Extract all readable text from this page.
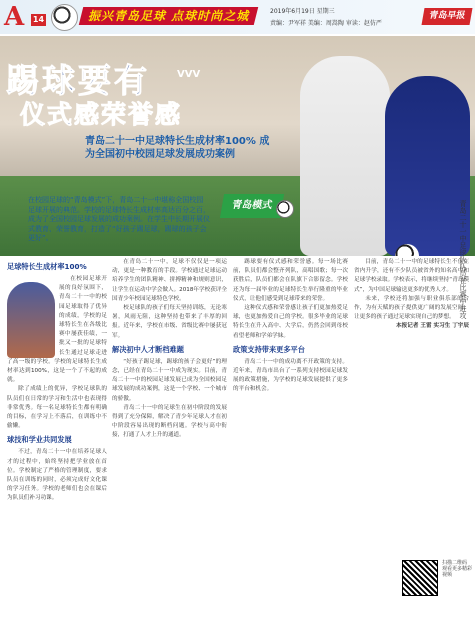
A 14	振兴青岛足球 点球时尚之城	2019年6月19日 星期三
责编：尹军祥 美编：周嵩陶 审读：赵仿严
青岛早报
踢球要有	VVV
仪式感荣誉感
青岛二十一中足球特长生成材率100% 成为全国初中校园足球发展成功案例
青岛二十一中足球队队员在比赛中进攻
在校园足球的“青岛模式”下，青岛二十一中堪称全国校园足球开展的典范。学校的足球特长生成材率高达百分之百，成为了全国校园足球发展的成功案例。在学生中长期开展仪式教育、荣誉教育，打造了“好孩子踢足球，踢球的孩子会更好”。
青岛模式
足球特长生成材率100%

在校园足球开展的良好氛围下，青岛二十一中的校园足球取得了优异的成绩，学校的足球特长生在各级比赛中屡获佳绩，一批又一批的足球特长生通过足球走进了高一级的学校。学校的足球特长生成材率达到100%，这是一个了不起的成就。

除了成绩上的优异，学校足球队的队员们在日常的学习和生活中也表现得非常优秀。每一名足球特长生都有明确的目标，在学习上不落后，在训练中不偷懒。

球技和学业共同发展

不过，青岛二十一中在培养足球人才的过程中，始终坚持把学业放在首位。学校制定了严格的管理制度，要求队员在训练的同时，必须完成好文化课的学习任务。学校的老师们也会在课后为队员们补习功课。

在青岛二十一中，足球不仅仅是一项运动，更是一种教育的手段。学校通过足球运动培养学生的团队精神、拼搏精神和规则意识，让学生在运动中学会做人。2018年学校获评全国青少年校园足球特色学校。

校足球队的孩子们每天坚持训练，无论寒暑，风雨无阻，这种坚持也带来了丰厚的回报。近年来，学校在市级、省级比赛中屡获冠军。

解决初中人才断档难题

“好孩子踢足球，踢球的孩子会更好”的理念，已经在青岛二十一中成为现实。目前，青岛二十一中的校园足球发展已成为全国校园足球发展的成功案例，这是一个学校、一个城市的骄傲。

青岛二十一中的足球生在初中阶段的发展得到了充分保障，解决了青少年足球人才在初中阶段容易出现的断档问题。学校与高中衔接，打通了人才上升的通道。

踢球要有仪式感和荣誉感。每一场比赛前，队员们都会整齐列队，高唱国歌；每一次获胜后，队员们都会在队旗下合影留念。学校还为每一届毕业的足球特长生举行隆重的毕业仪式，让他们感受到足球带来的荣誉。

这种仪式感和荣誉感让孩子们更加热爱足球，也更加热爱自己的学校。很多毕业的足球特长生在升入高中、大学后，仍然会回到母校看望老师和学弟学妹。

政策支持带来更多平台

青岛二十一中的成功离不开政策的支持。近年来，青岛市出台了一系列支持校园足球发展的政策措施，为学校的足球发展提供了更多的平台和机会。

目前，青岛二十一中的足球特长生不仅在省内升学，还有不少队员被省外的知名高中和足球学校录取。学校表示，将继续坚持“青岛模式”，为中国足球输送更多的优秀人才。

未来，学校还将加强与职业俱乐部的合作，为有天赋的孩子提供更广阔的发展空间，让更多的孩子通过足球实现自己的梦想。

本报记者 王雷 实习生 丁宇辰

扫描二维码 观看更多精彩视频
